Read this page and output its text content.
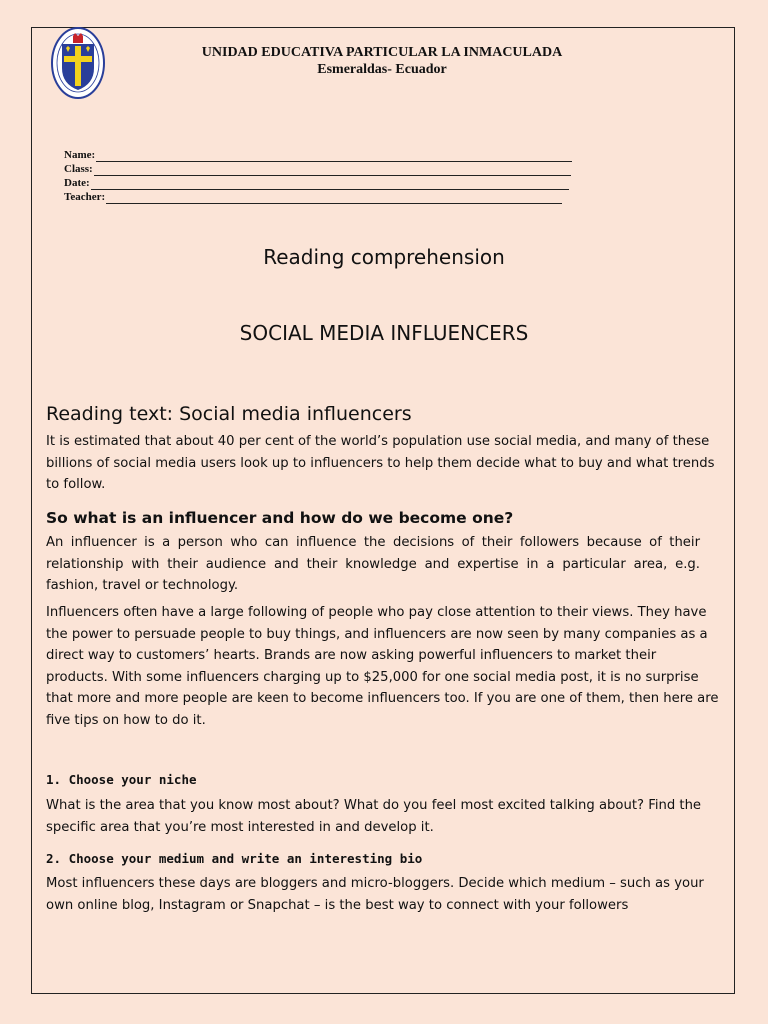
UNIDAD EDUCATIVA PARTICULAR LA INMACULADA
Esmeraldas- Ecuador
Name:
Class:
Date:
Teacher:
Reading comprehension
SOCIAL MEDIA INFLUENCERS
Reading text: Social media influencers

It is estimated that about 40 per cent of the world’s population use social media, and many of these billions of social media users look up to influencers to help them decide what to buy and what trends to follow.

So what is an influencer and how do we become one?

An influencer is a person who can influence the decisions of their followers because of their relationship with their audience and their knowledge and expertise in a particular area, e.g. fashion, travel or technology.

Influencers often have a large following of people who pay close attention to their views. They have the power to persuade people to buy things, and influencers are now seen by many companies as a direct way to customers’ hearts. Brands are now asking powerful influencers to market their products. With some influencers charging up to $25,000 for one social media post, it is no surprise that more and more people are keen to become influencers too. If you are one of them, then here are five tips on how to do it.

1. Choose your niche

What is the area that you know most about? What do you feel most excited talking about? Find the specific area that you’re most interested in and develop it.

2. Choose your medium and write an interesting bio

Most influencers these days are bloggers and micro-bloggers. Decide which medium – such as your own online blog, Instagram or Snapchat – is the best way to connect with your followers
